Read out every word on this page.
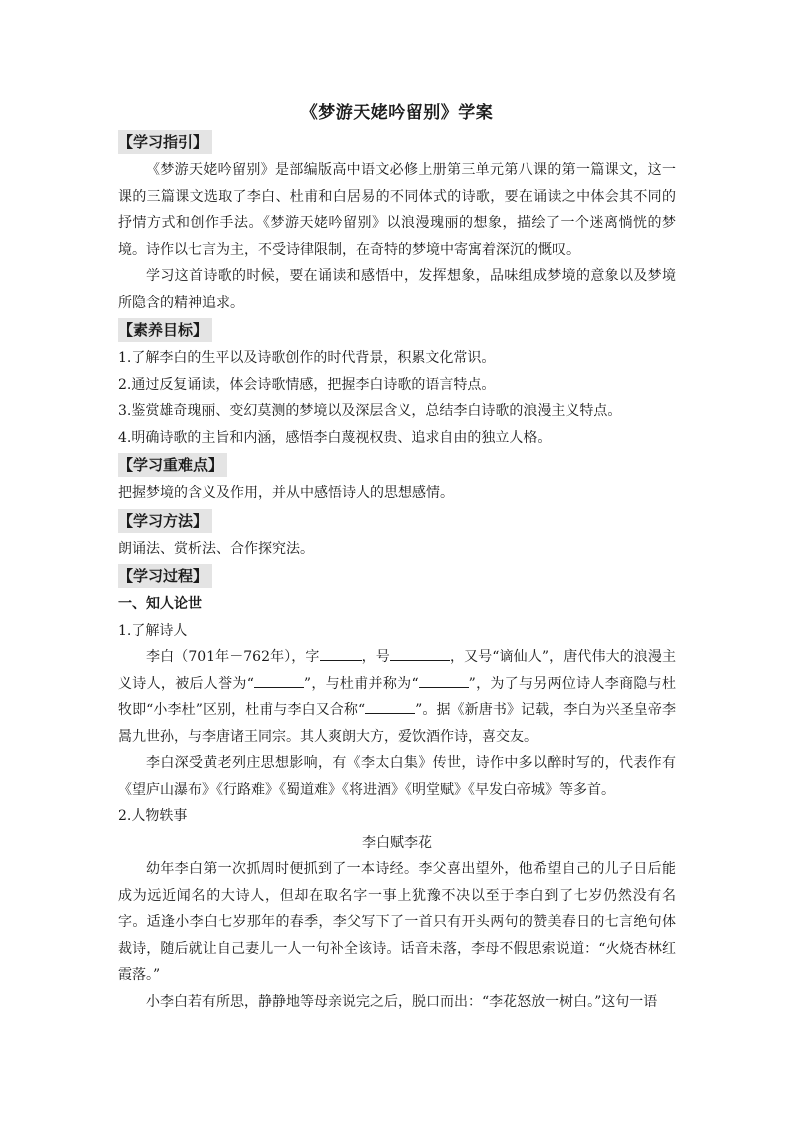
《梦游天姥吟留别》学案
【学习指引】

《梦游天姥吟留别》是部编版高中语文必修上册第三单元第八课的第一篇课文，这一课的三篇课文选取了李白、杜甫和白居易的不同体式的诗歌，要在诵读之中体会其不同的抒情方式和创作手法。《梦游天姥吟留别》以浪漫瑰丽的想象，描绘了一个迷离惝恍的梦境。诗作以七言为主，不受诗律限制，在奇特的梦境中寄寓着深沉的慨叹。

学习这首诗歌的时候，要在诵读和感悟中，发挥想象，品味组成梦境的意象以及梦境所隐含的精神追求。

【素养目标】

1.了解李白的生平以及诗歌创作的时代背景，积累文化常识。

2.通过反复诵读，体会诗歌情感，把握李白诗歌的语言特点。

3.鉴赏雄奇瑰丽、变幻莫测的梦境以及深层含义，总结李白诗歌的浪漫主义特点。

4.明确诗歌的主旨和内涵，感悟李白蔑视权贵、追求自由的独立人格。

【学习重难点】

把握梦境的含义及作用，并从中感悟诗人的思想感情。

【学习方法】

朗诵法、赏析法、合作探究法。

【学习过程】

一、知人论世

1.了解诗人

李白（701年－762年），字	，号	，又号“谪仙人”，唐代伟大的浪漫主义诗人，被后人誉为“	”，与杜甫并称为“	”，为了与另两位诗人李商隐与杜牧即“小李杜”区别，杜甫与李白又合称“	”。据《新唐书》记载，李白为兴圣皇帝李暠九世孙，与李唐诸王同宗。其人爽朗大方，爱饮酒作诗，喜交友。

李白深受黄老列庄思想影响，有《李太白集》传世，诗作中多以醉时写的，代表作有《望庐山瀑布》《行路难》《蜀道难》《将进酒》《明堂赋》《早发白帝城》等多首。

2.人物轶事

李白赋李花

幼年李白第一次抓周时便抓到了一本诗经。李父喜出望外，他希望自己的儿子日后能成为远近闻名的大诗人，但却在取名字一事上犹豫不决以至于李白到了七岁仍然没有名字。适逢小李白七岁那年的春季，李父写下了一首只有开头两句的赞美春日的七言绝句体裁诗，随后就让自己妻儿一人一句补全该诗。话音未落，李母不假思索说道：“火烧杏林红霞落。”

小李白若有所思，静静地等母亲说完之后，脱口而出：“李花怒放一树白。”这句一语
